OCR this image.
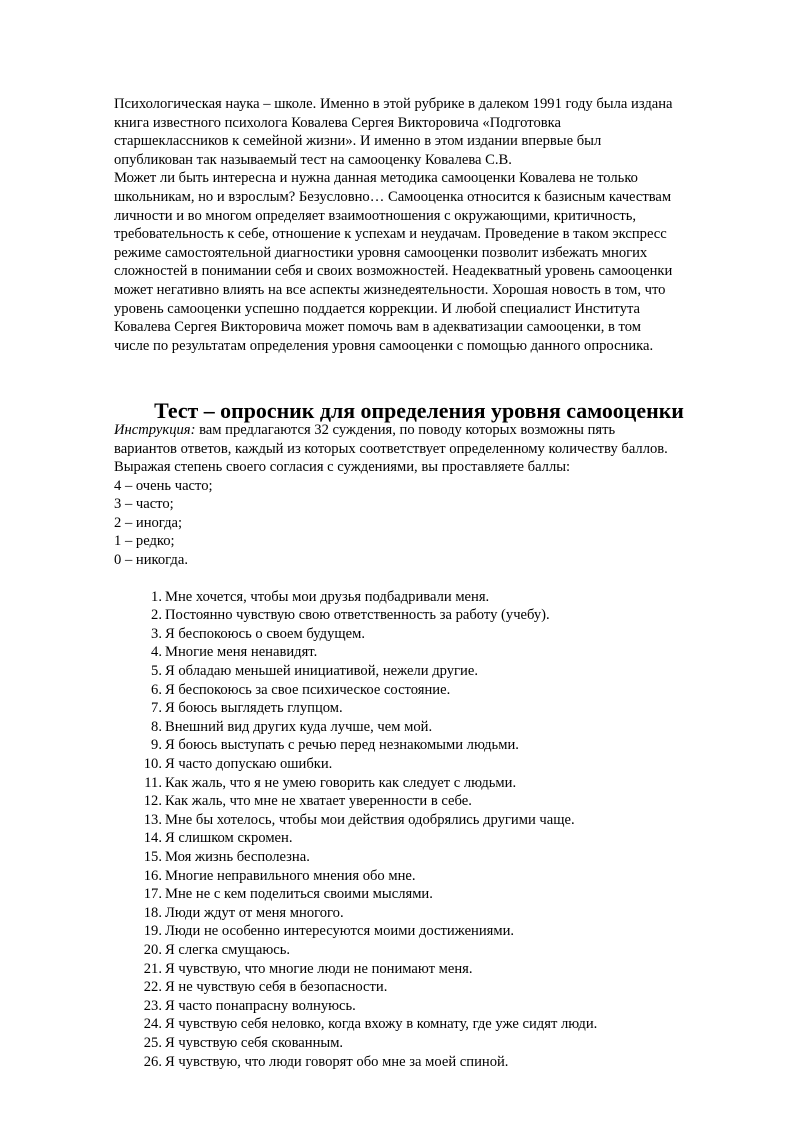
Психологическая наука – школе. Именно в этой рубрике в далеком 1991 году была издана
книга известного психолога Ковалева Сергея Викторовича «Подготовка
старшеклассников к семейной жизни». И именно в этом издании впервые был
опубликован так называемый тест на самооценку Ковалева С.В.
Может ли быть интересна и нужна данная методика самооценки Ковалева не только
школьникам, но и взрослым? Безусловно… Самооценка относится к базисным качествам
личности и во многом определяет взаимоотношения с окружающими, критичность,
требовательность к себе, отношение к успехам и неудачам. Проведение в таком экспресс
режиме самостоятельной диагностики уровня самооценки позволит избежать многих
сложностей в понимании себя и своих возможностей. Неадекватный уровень самооценки
может негативно влиять на все аспекты жизнедеятельности. Хорошая новость в том, что
уровень самооценки успешно поддается коррекции. И любой специалист Института
Ковалева Сергея Викторовича может помочь вам в адекватизации самооценки, в том
числе по результатам определения уровня самооценки с помощью данного опросника.
Тест – опросник для определения уровня самооценки
Инструкция: вам предлагаются 32 суждения, по поводу которых возможны пять
вариантов ответов, каждый из которых соответствует определенному количеству баллов.
Выражая степень своего согласия с суждениями, вы проставляете баллы:
4 – очень часто;
3 – часто;
2 – иногда;
1 – редко;
0 – никогда.
1. Мне хочется, чтобы мои друзья подбадривали меня.
2. Постоянно чувствую свою ответственность за работу (учебу).
3. Я беспокоюсь о своем будущем.
4. Многие меня ненавидят.
5. Я обладаю меньшей инициативой, нежели другие.
6. Я беспокоюсь за свое психическое состояние.
7. Я боюсь выглядеть глупцом.
8. Внешний вид других куда лучше, чем мой.
9. Я боюсь выступать с речью перед незнакомыми людьми.
10. Я часто допускаю ошибки.
11. Как жаль, что я не умею говорить как следует с людьми.
12. Как жаль, что мне не хватает уверенности в себе.
13. Мне бы хотелось, чтобы мои действия одобрялись другими чаще.
14. Я слишком скромен.
15. Моя жизнь бесполезна.
16. Многие неправильного мнения обо мне.
17. Мне не с кем поделиться своими мыслями.
18. Люди ждут от меня многого.
19. Люди не особенно интересуются моими достижениями.
20. Я слегка смущаюсь.
21. Я чувствую, что многие люди не понимают меня.
22. Я не чувствую себя в безопасности.
23. Я часто понапрасну волнуюсь.
24. Я чувствую себя неловко, когда вхожу в комнату, где уже сидят люди.
25. Я чувствую себя скованным.
26. Я чувствую, что люди говорят обо мне за моей спиной.
